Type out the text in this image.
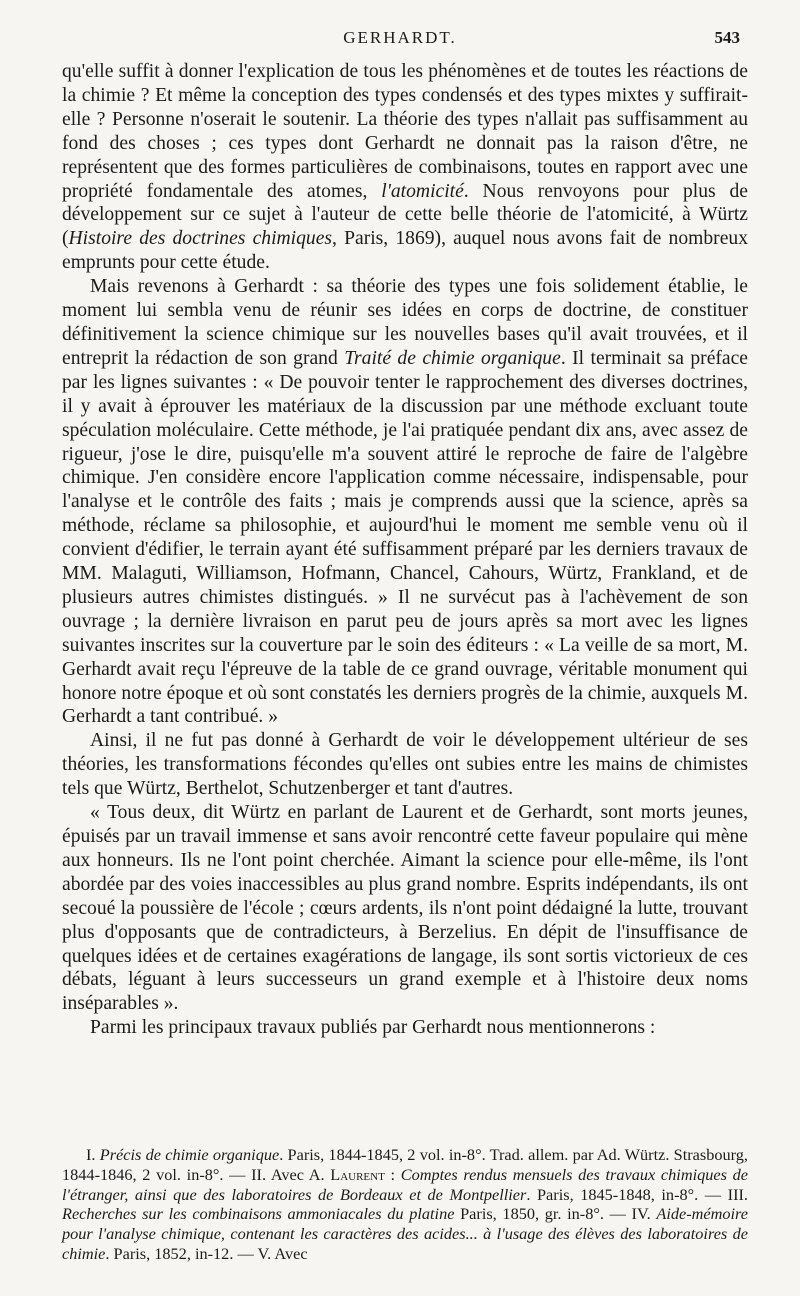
GERHARDT.	543

qu'elle suffit à donner l'explication de tous les phénomènes et de toutes les réactions de la chimie ? Et même la conception des types condensés et des types mixtes y suffirait-elle ? Personne n'oserait le soutenir. La théorie des types n'allait pas suffisamment au fond des choses ; ces types dont Gerhardt ne donnait pas la raison d'être, ne représentent que des formes particulières de combinaisons, toutes en rapport avec une propriété fondamentale des atomes, l'atomicité. Nous renvoyons pour plus de développement sur ce sujet à l'auteur de cette belle théorie de l'atomicité, à Würtz (Histoire des doctrines chimiques, Paris, 1869), auquel nous avons fait de nombreux emprunts pour cette étude.

Mais revenons à Gerhardt : sa théorie des types une fois solidement établie, le moment lui sembla venu de réunir ses idées en corps de doctrine, de constituer définitivement la science chimique sur les nouvelles bases qu'il avait trouvées, et il entreprit la rédaction de son grand Traité de chimie organique. Il terminait sa préface par les lignes suivantes : « De pouvoir tenter le rapprochement des diverses doctrines, il y avait à éprouver les matériaux de la discussion par une méthode excluant toute spéculation moléculaire. Cette méthode, je l'ai pratiquée pendant dix ans, avec assez de rigueur, j'ose le dire, puisqu'elle m'a souvent attiré le reproche de faire de l'algèbre chimique. J'en considère encore l'application comme nécessaire, indispensable, pour l'analyse et le contrôle des faits ; mais je comprends aussi que la science, après sa méthode, réclame sa philosophie, et aujourd'hui le moment me semble venu où il convient d'édifier, le terrain ayant été suffisamment préparé par les derniers travaux de MM. Malaguti, Williamson, Hofmann, Chancel, Cahours, Würtz, Frankland, et de plusieurs autres chimistes distingués. » Il ne survécut pas à l'achèvement de son ouvrage ; la dernière livraison en parut peu de jours après sa mort avec les lignes suivantes inscrites sur la couverture par le soin des éditeurs : « La veille de sa mort, M. Gerhardt avait reçu l'épreuve de la table de ce grand ouvrage, véritable monument qui honore notre époque et où sont constatés les derniers progrès de la chimie, auxquels M. Gerhardt a tant contribué. »

Ainsi, il ne fut pas donné à Gerhardt de voir le développement ultérieur de ses théories, les transformations fécondes qu'elles ont subies entre les mains de chimistes tels que Würtz, Berthelot, Schutzenberger et tant d'autres.

« Tous deux, dit Würtz en parlant de Laurent et de Gerhardt, sont morts jeunes, épuisés par un travail immense et sans avoir rencontré cette faveur populaire qui mène aux honneurs. Ils ne l'ont point cherchée. Aimant la science pour elle-même, ils l'ont abordée par des voies inaccessibles au plus grand nombre. Esprits indépendants, ils ont secoué la poussière de l'école ; cœurs ardents, ils n'ont point dédaigné la lutte, trouvant plus d'opposants que de contradicteurs, à Berzelius. En dépit de l'insuffisance de quelques idées et de certaines exagérations de langage, ils sont sortis victorieux de ces débats, léguant à leurs successeurs un grand exemple et à l'histoire deux noms inséparables ».

Parmi les principaux travaux publiés par Gerhardt nous mentionnerons :

I. Précis de chimie organique. Paris, 1844-1845, 2 vol. in-8°. Trad. allem. par Ad. Würtz. Strasbourg, 1844-1846, 2 vol. in-8°. — II. Avec A. Laurent : Comptes rendus mensuels des travaux chimiques de l'étranger, ainsi que des laboratoires de Bordeaux et de Montpellier. Paris, 1845-1848, in-8°. — III. Recherches sur les combinaisons ammoniacales du platine Paris, 1850, gr. in-8°. — IV. Aide-mémoire pour l'analyse chimique, contenant les caractères des acides... à l'usage des élèves des laboratoires de chimie. Paris, 1852, in-12. — V. Avec
